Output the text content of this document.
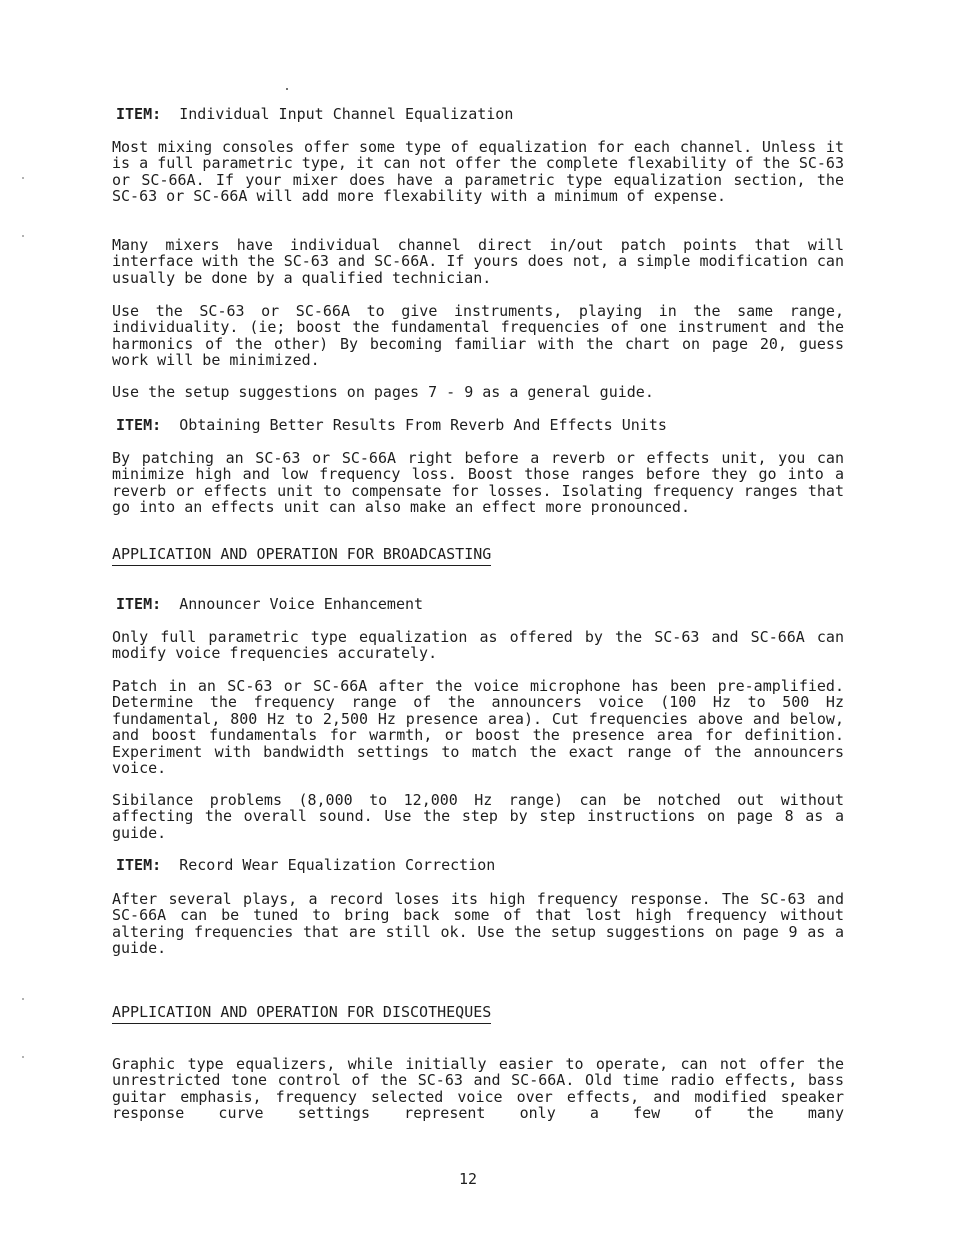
ITEM: Individual Input Channel Equalization
Most mixing consoles offer some type of equalization for each channel. Unless it is a full parametric type, it can not offer the complete flexability of the SC-63 or SC-66A. If your mixer does have a parametric type equalization section, the SC-63 or SC-66A will add more flexability with a minimum of expense.
Many mixers have individual channel direct in/out patch points that will interface with the SC-63 and SC-66A. If yours does not, a simple modification can usually be done by a qualified technician.
Use the SC-63 or SC-66A to give instruments, playing in the same range, individuality. (ie; boost the fundamental frequencies of one instrument and the harmonics of the other) By becoming familiar with the chart on page 20, guess work will be minimized.
Use the setup suggestions on pages 7 - 9 as a general guide.
ITEM: Obtaining Better Results From Reverb And Effects Units
By patching an SC-63 or SC-66A right before a reverb or effects unit, you can minimize high and low frequency loss. Boost those ranges before they go into a reverb or effects unit to compensate for losses. Isolating frequency ranges that go into an effects unit can also make an effect more pronounced.
APPLICATION AND OPERATION FOR BROADCASTING
ITEM: Announcer Voice Enhancement
Only full parametric type equalization as offered by the SC-63 and SC-66A can modify voice frequencies accurately.
Patch in an SC-63 or SC-66A after the voice microphone has been pre-amplified. Determine the frequency range of the announcers voice (100 Hz to 500 Hz fundamental, 800 Hz to 2,500 Hz presence area). Cut frequencies above and below, and boost fundamentals for warmth, or boost the presence area for definition. Experiment with bandwidth settings to match the exact range of the announcers voice.
Sibilance problems (8,000 to 12,000 Hz range) can be notched out without affecting the overall sound. Use the step by step instructions on page 8 as a guide.
ITEM: Record Wear Equalization Correction
After several plays, a record loses its high frequency response. The SC-63 and SC-66A can be tuned to bring back some of that lost high frequency without altering frequencies that are still ok. Use the setup suggestions on page 9 as a guide.
APPLICATION AND OPERATION FOR DISCOTHEQUES
Graphic type equalizers, while initially easier to operate, can not offer the unrestricted tone control of the SC-63 and SC-66A. Old time radio effects, bass guitar emphasis, frequency selected voice over effects, and modified speaker response curve settings represent only a few of the many
12
